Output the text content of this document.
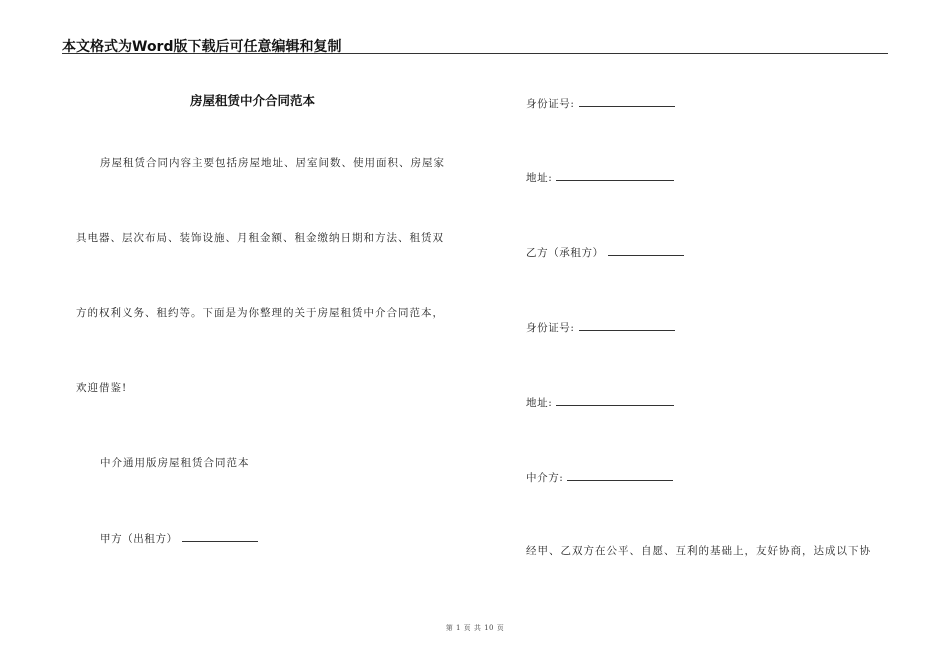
本文格式为Word版下载后可任意编辑和复制
房屋租赁中介合同范本
房屋租赁合同内容主要包括房屋地址、居室间数、使用面积、房屋家
具电器、层次布局、装饰设施、月租金额、租金缴纳日期和方法、租赁双
方的权利义务、租约等。下面是为你整理的关于房屋租赁中介合同范本，
欢迎借鉴!
中介通用版房屋租赁合同范本
甲方（出租方）
身份证号:
地址:
乙方（承租方）
身份证号:
地址:
中介方:
经甲、乙双方在公平、自愿、互利的基础上，友好协商，达成以下协
第 1 页 共 10 页
